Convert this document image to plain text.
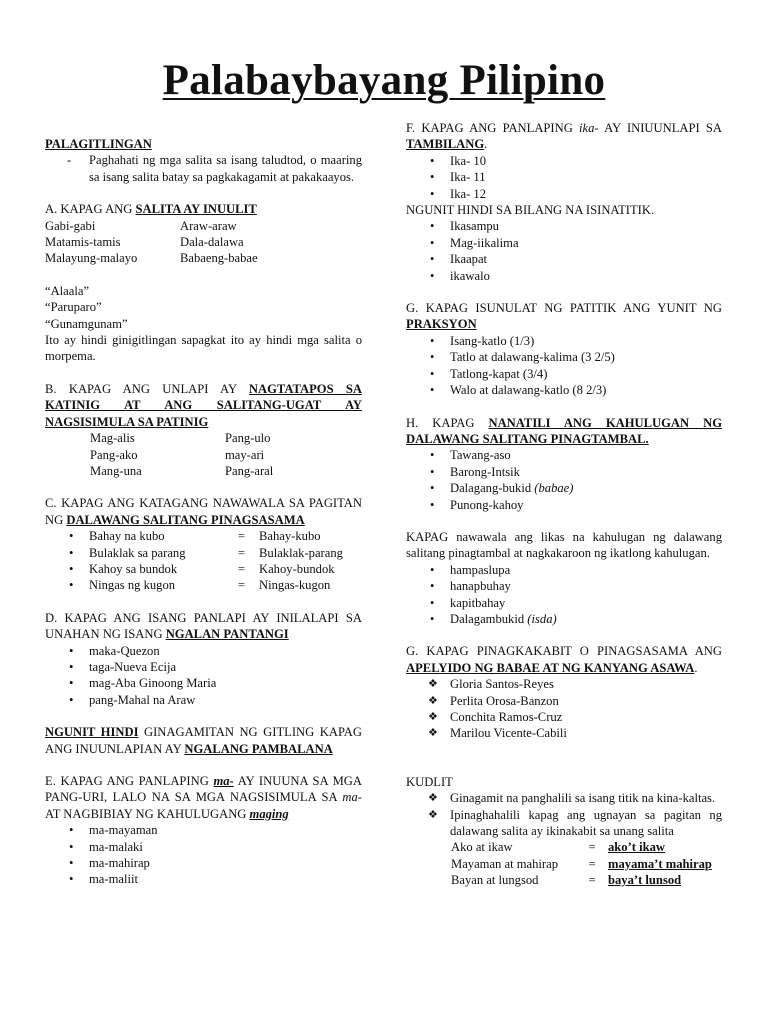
Palabaybayang Pilipino
PALAGITLINGAN
- Paghahati ng mga salita sa isang taludtod, o maaring sa isang salita batay sa pagkakagamit at pakakaayos.
A. KAPAG ANG SALITA AY INUULIT
Gabi-gabi	Araw-araw
Matamis-tamis	Dala-dalawa
Malayung-malayo	Babaeng-babae
“Alaala”
“Paruparo”
“Gunamgunam”
Ito ay hindi ginigitlingan sapagkat ito ay hindi mga salita o morpema.
B. KAPAG ANG UNLAPI AY NAGTATAPOS SA KATINIG AT ANG SALITANG-UGAT AY NAGSISIMULA SA PATINIG
Mag-alis	Pang-ulo
Pang-ako	may-ari
Mang-una	Pang-aral
C. KAPAG ANG KATAGANG NAWAWALA SA PAGITAN NG DALAWANG SALITANG PINAGSASAMA
• Bahay na kubo	=	Bahay-kubo
• Bulaklak sa parang	=	Bulaklak-parang
• Kahoy sa bundok	=	Kahoy-bundok
• Ningas ng kugon	=	Ningas-kugon
D. KAPAG ANG ISANG PANLAPI AY INILALAPI SA UNAHAN NG ISANG NGALAN PANTANGI
• maka-Quezon
• taga-Nueva Ecija
• mag-Aba Ginoong Maria
• pang-Mahal na Araw
NGUNIT HINDI GINAGAMITAN NG GITLING KAPAG ANG INUUNLAPIAN AY NGALANG PAMBALANA
E. KAPAG ANG PANLAPING ma- AY INUUNA SA MGA PANG-URI, LALO NA SA MGA NAGSISIMULA SA ma- AT NAGBIBIAY NG KAHULUGANG maging
• ma-mayaman
• ma-malaki
• ma-mahirap
• ma-maliit
F. KAPAG ANG PANLAPING ika- AY INIUUNLAPI SA TAMBILANG.
• Ika- 10
• Ika- 11
• Ika- 12
NGUNIT HINDI SA BILANG NA ISINATITIK.
• Ikasampu
• Mag-iikalima
• Ikaapat
• ikawalo
G. KAPAG ISUNULAT NG PATITIK ANG YUNIT NG PRAKSYON
• Isang-katlo (1/3)
• Tatlo at dalawang-kalima (3 2/5)
• Tatlong-kapat (3/4)
• Walo at dalawang-katlo (8 2/3)
H. KAPAG NANATILI ANG KAHULUGAN NG DALAWANG SALITANG PINAGTAMBAL.
• Tawang-aso
• Barong-Intsik
• Dalagang-bukid (babae)
• Punong-kahoy
KAPAG nawawala ang likas na kahulugan ng dalawang salitang pinagtambal at nagkakaroon ng ikatlong kahulugan.
• hampaslupa
• hanapbuhay
• kapitbahay
• Dalagambukid (isda)
G. KAPAG PINAGKAKABIT O PINAGSASAMA ANG APELYIDO NG BABAE AT NG KANYANG ASAWA.
❖ Gloria Santos-Reyes
❖ Perlita Orosa-Banzon
❖ Conchita Ramos-Cruz
❖ Marilou Vicente-Cabili
KUDLIT
❖ Ginagamit na panghalili sa isang titik na kina-kaltas.
❖ Ipinaghahalili kapag ang ugnayan sa pagitan ng dalawang salita ay ikinakabit sa unang salita
Ako at ikaw	= ako’t ikaw
Mayaman at mahirap	= mayama’t mahirap
Bayan at lungsod	= baya’t lunsod
